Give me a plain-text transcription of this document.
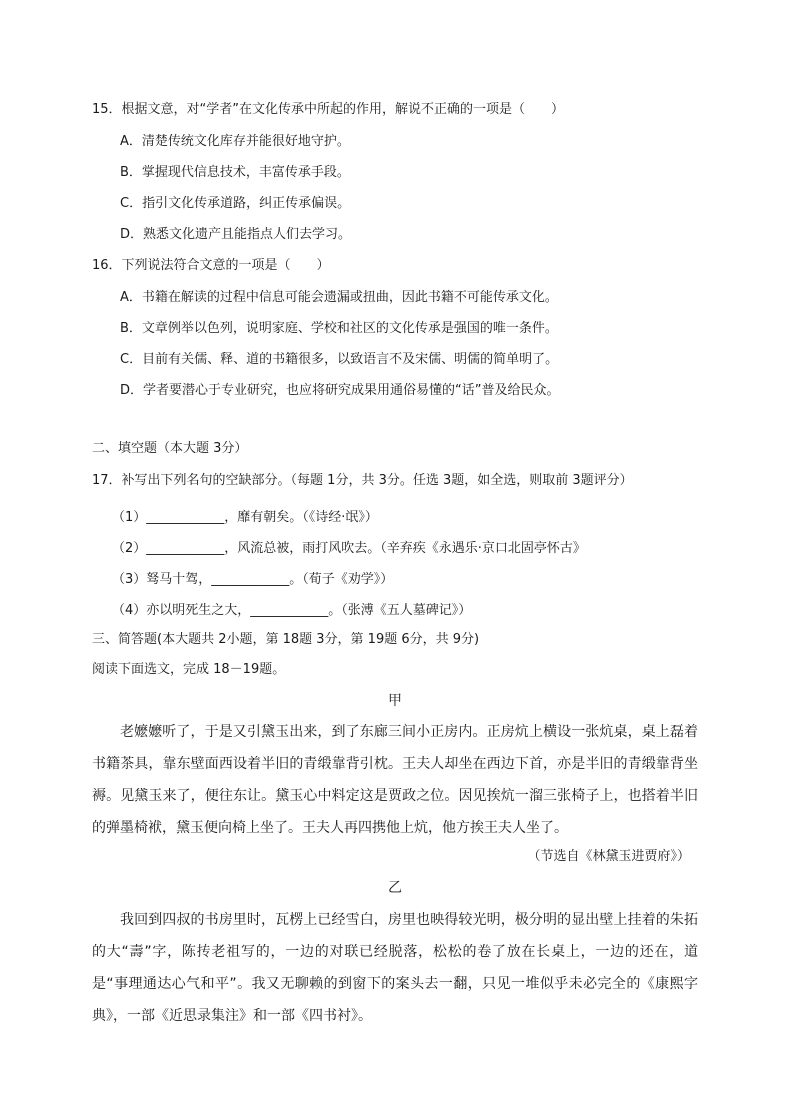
15．根据文意，对“学者”在文化传承中所起的作用，解说不正确的一项是（　　）
A．清楚传统文化库存并能很好地守护。
B．掌握现代信息技术，丰富传承手段。
C．指引文化传承道路，纠正传承偏误。
D．熟悉文化遗产且能指点人们去学习。
16．下列说法符合文意的一项是（　　）
A．书籍在解读的过程中信息可能会遗漏或扭曲，因此书籍不可能传承文化。
B．文章例举以色列，说明家庭、学校和社区的文化传承是强国的唯一条件。
C．目前有关儒、释、道的书籍很多，以致语言不及宋儒、明儒的简单明了。
D．学者要潜心于专业研究，也应将研究成果用通俗易懂的“话”普及给民众。
二、填空题（本大题 3分）
17．补写出下列名句的空缺部分。（每题 1分，共 3分。任选 3题，如全选，则取前 3题评分）
（1）____________，靡有朝矣。（《诗经·氓》）
（2）____________，风流总被，雨打风吹去。（辛弃疾《永遇乐·京口北固亭怀古》
（3）驽马十驾，____________。（荀子《劝学》）
（4）亦以明死生之大，____________。（张溥《五人墓碑记》）
三、简答题(本大题共 2小题，第 18题 3分，第 19题 6分，共 9分)
阅读下面选文，完成 18－19题。
甲

老嬷嬷听了，于是又引黛玉出来，到了东廊三间小正房内。正房炕上横设一张炕桌，桌上磊着书籍茶具，靠东壁面西设着半旧的青缎靠背引枕。王夫人却坐在西边下首，亦是半旧的青缎靠背坐褥。见黛玉来了，便往东让。黛玉心中料定这是贾政之位。因见挨炕一溜三张椅子上，也搭着半旧的弹墨椅袱，黛玉便向椅上坐了。王夫人再四携他上炕，他方挨王夫人坐了。

（节选自《林黛玉进贾府》）
乙

我回到四叔的书房里时，瓦楞上已经雪白，房里也映得较光明，极分明的显出壁上挂着的朱拓的大“壽”字，陈抟老祖写的，一边的对联已经脱落，松松的卷了放在长桌上，一边的还在，道是“事理通达心气和平”。我又无聊赖的到窗下的案头去一翻，只见一堆似乎未必完全的《康熙字典》，一部《近思录集注》和一部《四书衬》。
